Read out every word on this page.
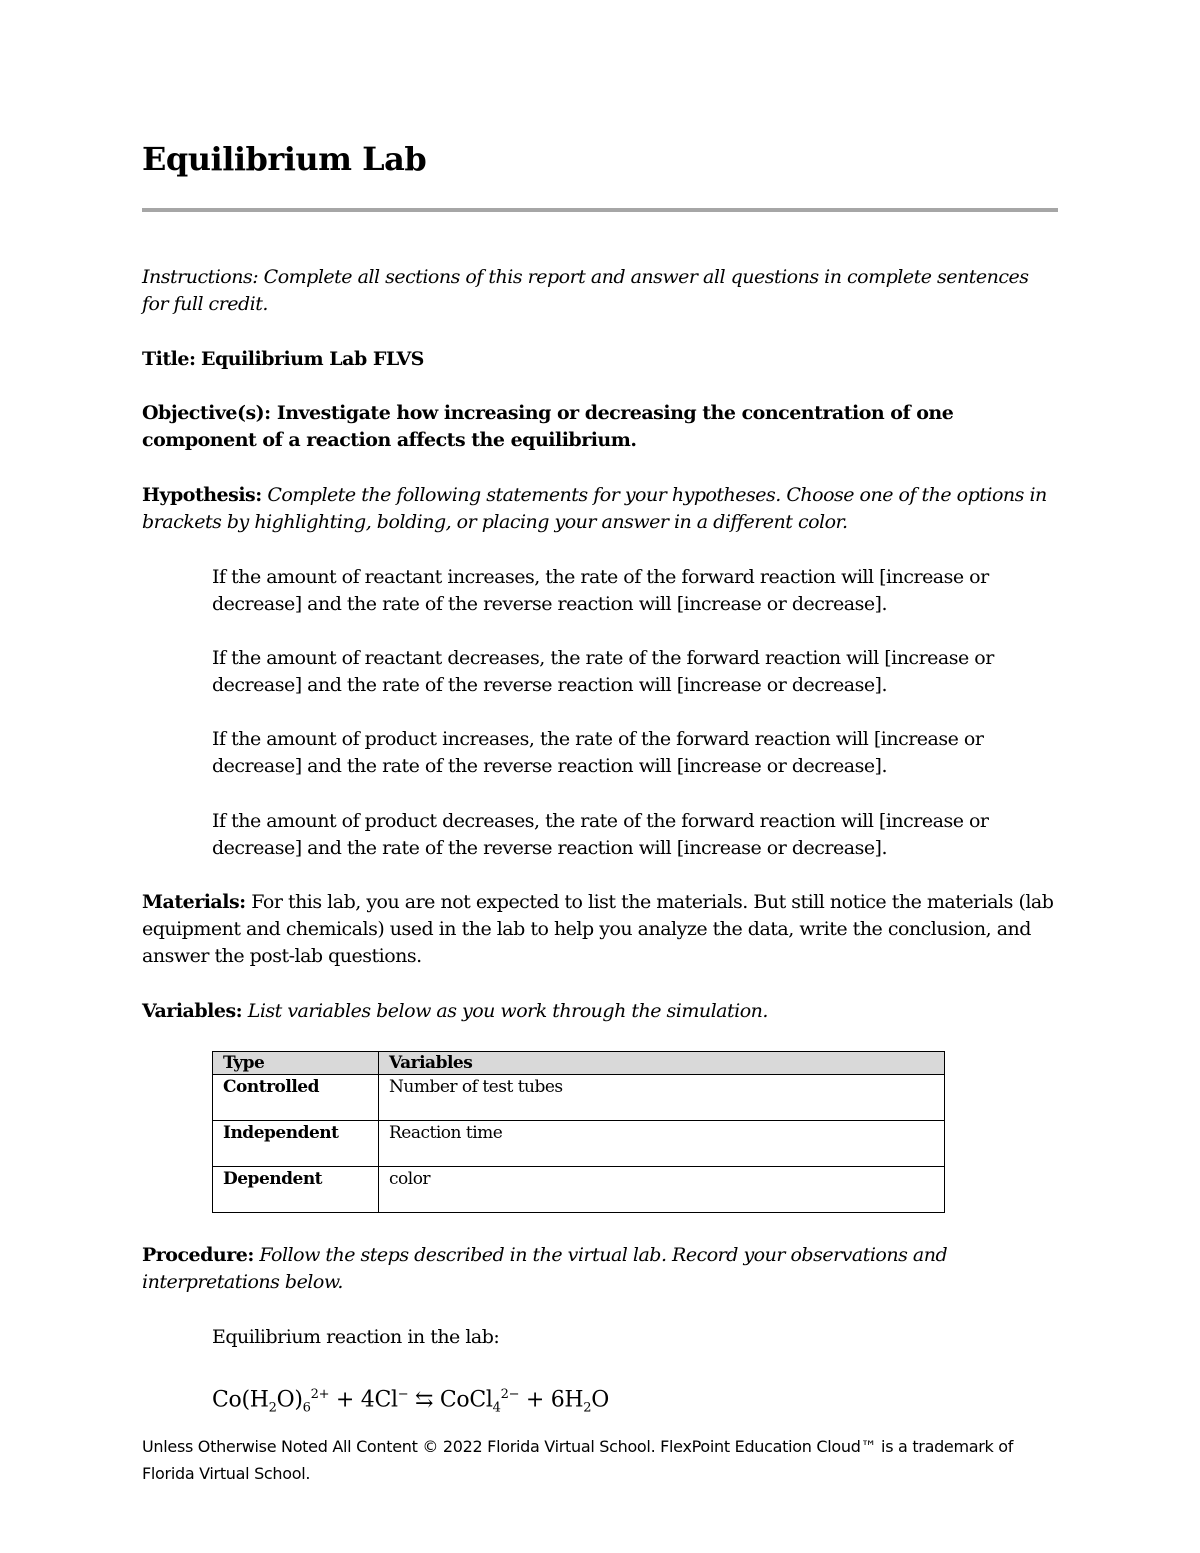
Equilibrium Lab
Instructions: Complete all sections of this report and answer all questions in complete sentences for full credit.
Title: Equilibrium Lab FLVS
Objective(s): Investigate how increasing or decreasing the concentration of one component of a reaction affects the equilibrium.
Hypothesis: Complete the following statements for your hypotheses. Choose one of the options in brackets by highlighting, bolding, or placing your answer in a different color.
If the amount of reactant increases, the rate of the forward reaction will [increase or decrease] and the rate of the reverse reaction will [increase or decrease].
If the amount of reactant decreases, the rate of the forward reaction will [increase or decrease] and the rate of the reverse reaction will [increase or decrease].
If the amount of product increases, the rate of the forward reaction will [increase or decrease] and the rate of the reverse reaction will [increase or decrease].
If the amount of product decreases, the rate of the forward reaction will [increase or decrease] and the rate of the reverse reaction will [increase or decrease].
Materials: For this lab, you are not expected to list the materials. But still notice the materials (lab equipment and chemicals) used in the lab to help you analyze the data, write the conclusion, and answer the post-lab questions.
Variables: List variables below as you work through the simulation.
Type	Variables
Controlled	Number of test tubes
Independent	Reaction time
Dependent	color
Procedure: Follow the steps described in the virtual lab. Record your observations and interpretations below.
Equilibrium reaction in the lab:
$Co(H_2O)_6^{2+} + 4Cl^-$ ⇆ CoCl$_4^{2-}$ + $6H_2O$
Unless Otherwise Noted All Content © 2022 Florida Virtual School. FlexPoint Education Cloud™ is a trademark of Florida Virtual School.
